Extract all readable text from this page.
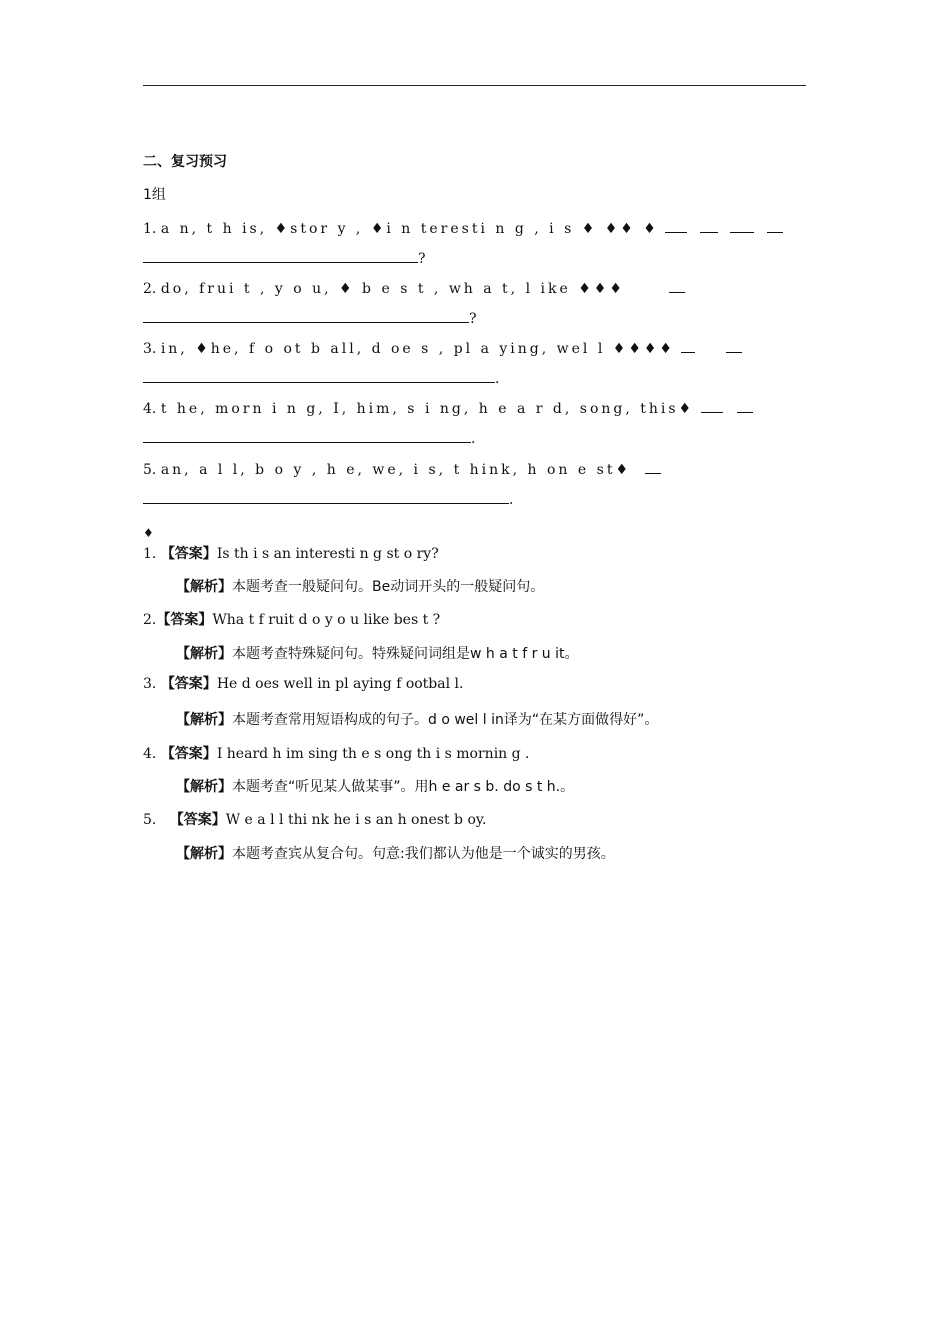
二、复习预习
1组
1. a n, t h is, ♦stor y , ♦i n teresti n g , i s ♦ ♦♦ ♦
?
2. do, frui t , y o u, ♦ b e s t , wh a t, l ike ♦♦♦
?
3. in, ♦he, f o ot b all, d oe s , pl a ying, wel l ♦♦♦♦
.
4. t he, morn i n g, I, him, s i ng, h e a r d, song, this♦
.
5. an, a l l, b o y , h e, we, i s, t hink, h on e st♦
.
♦
1. 【答案】Is th i s an interesti n g st o ry?
【解析】本题考查一般疑问句。Be动词开头的一般疑问句。
2.【答案】Wha t f ruit d o y o u like bes t ?
【解析】本题考查特殊疑问句。特殊疑问词组是w h a t f r u it。
3. 【答案】He d oes well in pl aying f ootbal l.
【解析】本题考查常用短语构成的句子。d o wel l in译为“在某方面做得好”。
4. 【答案】I heard h im sing th e s ong th i s mornin g .
【解析】本题考查“听见某人做某事”。用h e ar s b. do s t h.。
5. 【答案】W e a l l thi nk he i s an h onest b oy.
【解析】本题考查宾从复合句。句意:我们都认为他是一个诚实的男孩。
